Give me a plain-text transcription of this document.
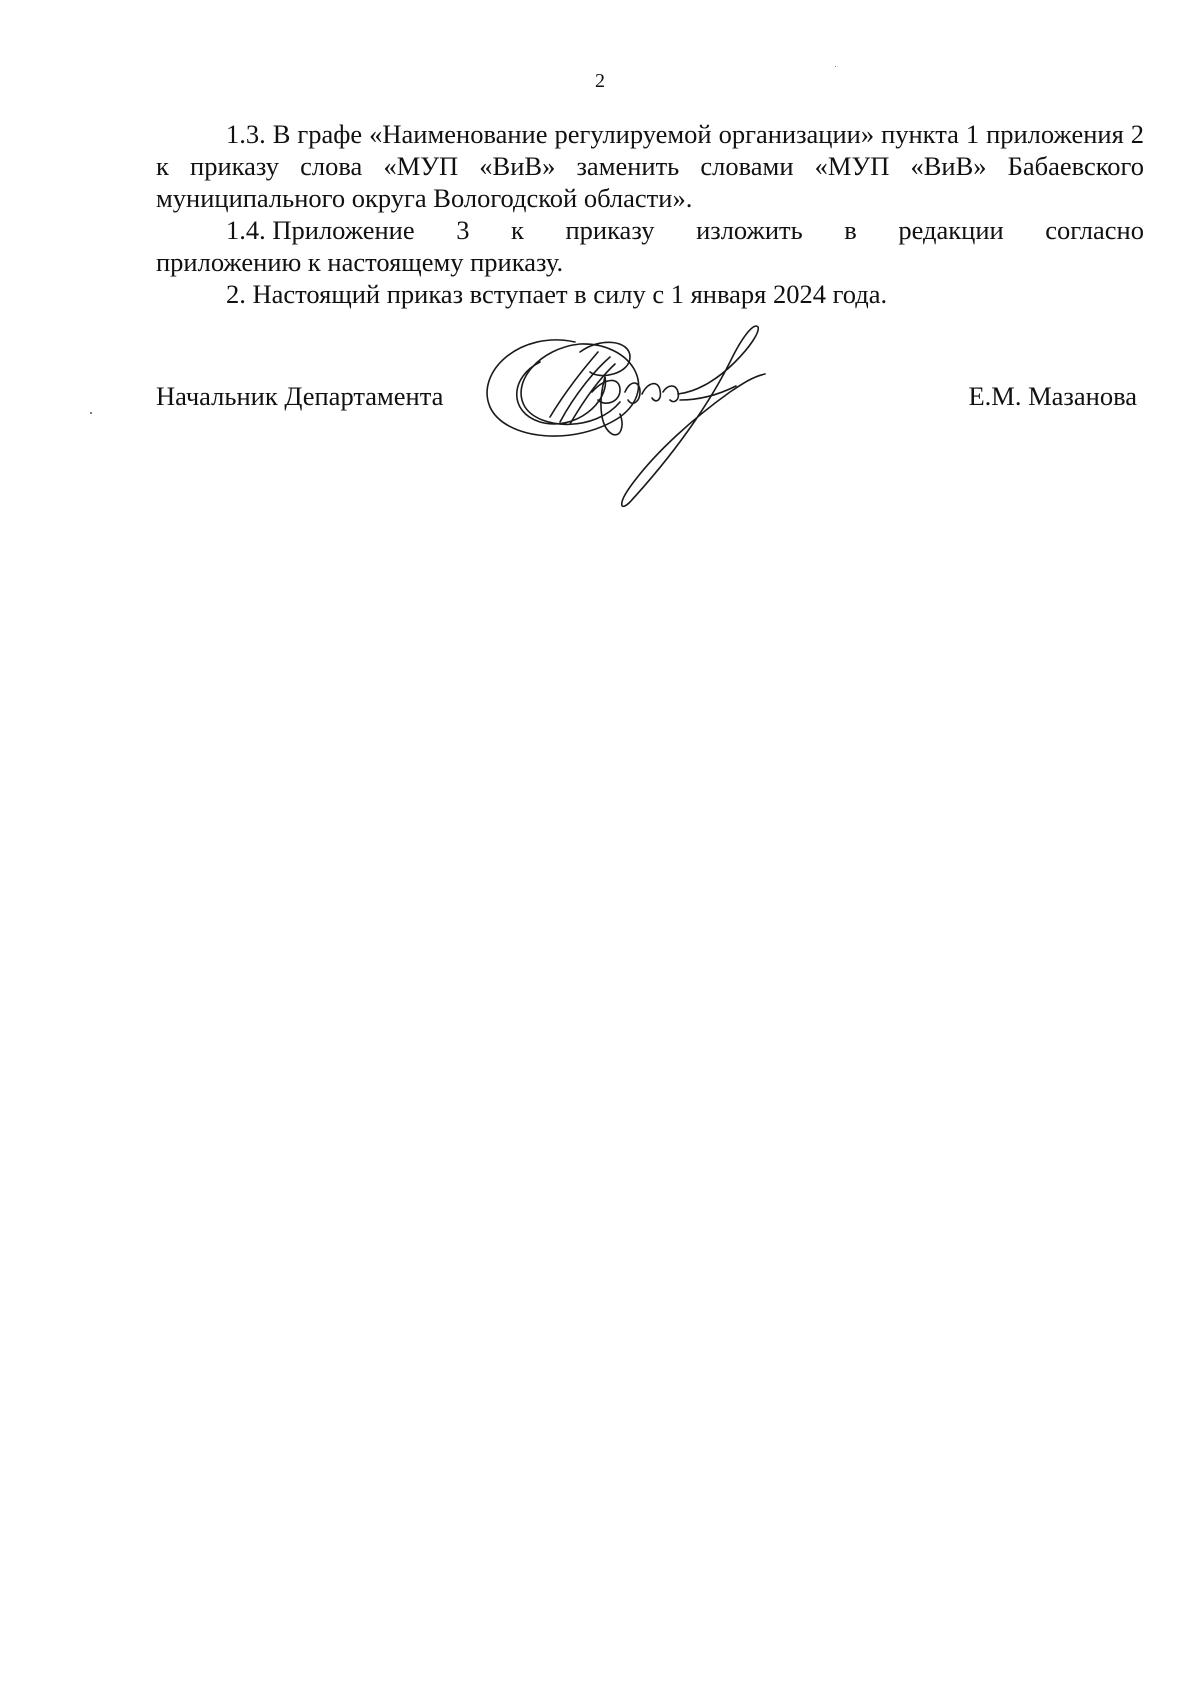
2

1.3. В графе «Наименование регулируемой организации» пункта 1 приложения 2 к приказу слова «МУП «ВиВ» заменить словами «МУП «ВиВ» Бабаевского муниципального округа Вологодской области».

1.4. Приложение 3 к приказу изложить в редакции согласно

приложению к настоящему приказу.

2. Настоящий приказ вступает в силу с 1 января 2024 года.

Начальник Департамента	Е.М. Мазанова
